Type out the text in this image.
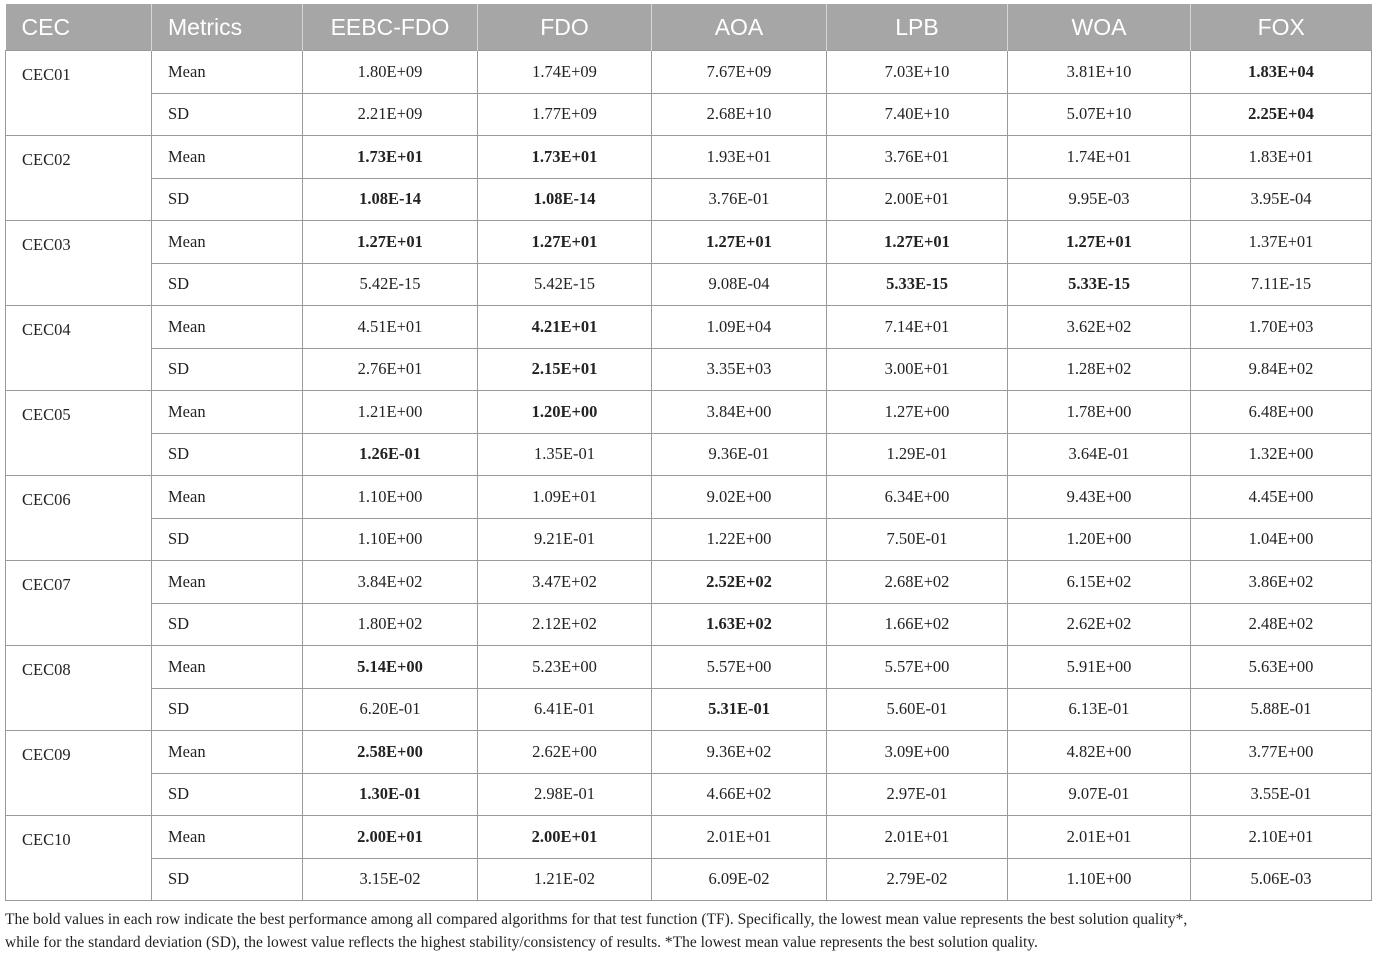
CEC	Metrics	EEBC-FDO	FDO	AOA	LPB	WOA	FOX
CEC01	Mean	1.80E+09	1.74E+09	7.67E+09	7.03E+10	3.81E+10	1.83E+04
	SD	2.21E+09	1.77E+09	2.68E+10	7.40E+10	5.07E+10	2.25E+04
CEC02	Mean	1.73E+01	1.73E+01	1.93E+01	3.76E+01	1.74E+01	1.83E+01
	SD	1.08E-14	1.08E-14	3.76E-01	2.00E+01	9.95E-03	3.95E-04
CEC03	Mean	1.27E+01	1.27E+01	1.27E+01	1.27E+01	1.27E+01	1.37E+01
	SD	5.42E-15	5.42E-15	9.08E-04	5.33E-15	5.33E-15	7.11E-15
CEC04	Mean	4.51E+01	4.21E+01	1.09E+04	7.14E+01	3.62E+02	1.70E+03
	SD	2.76E+01	2.15E+01	3.35E+03	3.00E+01	1.28E+02	9.84E+02
CEC05	Mean	1.21E+00	1.20E+00	3.84E+00	1.27E+00	1.78E+00	6.48E+00
	SD	1.26E-01	1.35E-01	9.36E-01	1.29E-01	3.64E-01	1.32E+00
CEC06	Mean	1.10E+00	1.09E+01	9.02E+00	6.34E+00	9.43E+00	4.45E+00
	SD	1.10E+00	9.21E-01	1.22E+00	7.50E-01	1.20E+00	1.04E+00
CEC07	Mean	3.84E+02	3.47E+02	2.52E+02	2.68E+02	6.15E+02	3.86E+02
	SD	1.80E+02	2.12E+02	1.63E+02	1.66E+02	2.62E+02	2.48E+02
CEC08	Mean	5.14E+00	5.23E+00	5.57E+00	5.57E+00	5.91E+00	5.63E+00
	SD	6.20E-01	6.41E-01	5.31E-01	5.60E-01	6.13E-01	5.88E-01
CEC09	Mean	2.58E+00	2.62E+00	9.36E+02	3.09E+00	4.82E+00	3.77E+00
	SD	1.30E-01	2.98E-01	4.66E+02	2.97E-01	9.07E-01	3.55E-01
CEC10	Mean	2.00E+01	2.00E+01	2.01E+01	2.01E+01	2.01E+01	2.10E+01
	SD	3.15E-02	1.21E-02	6.09E-02	2.79E-02	1.10E+00	5.06E-03
The bold values in each row indicate the best performance among all compared algorithms for that test function (TF). Specifically, the lowest mean value represents the best solution quality*,
while for the standard deviation (SD), the lowest value reflects the highest stability/consistency of results. *The lowest mean value represents the best solution quality.
